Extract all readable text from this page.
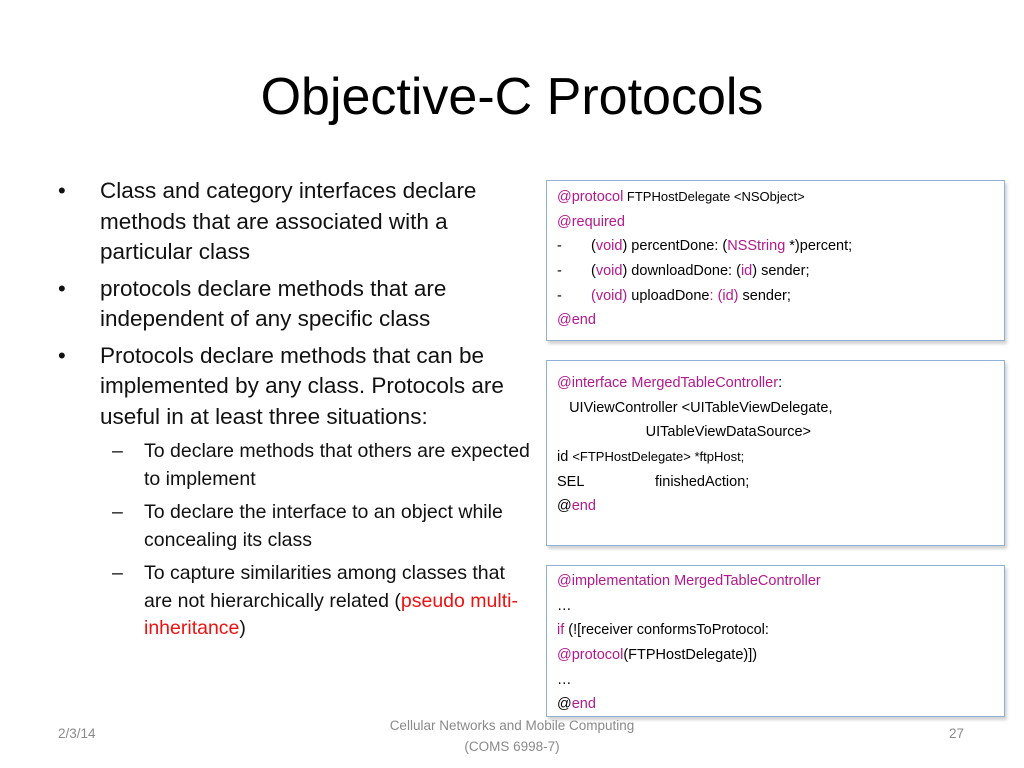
Objective-C Protocols
•	Class and category interfaces declare methods that are associated with a particular class
•	protocols declare methods that are independent of any specific class
•	Protocols declare methods that can be implemented by any class. Protocols are useful in at least three situations:
–	To declare methods that others are expected to implement
–	To declare the interface to an object while concealing its class
–	To capture similarities among classes that are not hierarchically related (pseudo multi-inheritance)
@protocol FTPHostDelegate <NSObject>
@required
- (void) percentDone: (NSString *)percent;
- (void) downloadDone: (id) sender;
- (void) uploadDone: (id) sender;
@end
@interface MergedTableController:
UIViewController <UITableViewDelegate,
UITableViewDataSource>
id <FTPHostDelegate> *ftpHost;
SEL	finishedAction;
@end
@implementation MergedTableController
…
if (![receiver conformsToProtocol:
@protocol(FTPHostDelegate)])
…
@end
2/3/14
Cellular Networks and Mobile Computing
(COMS 6998-7)
27
